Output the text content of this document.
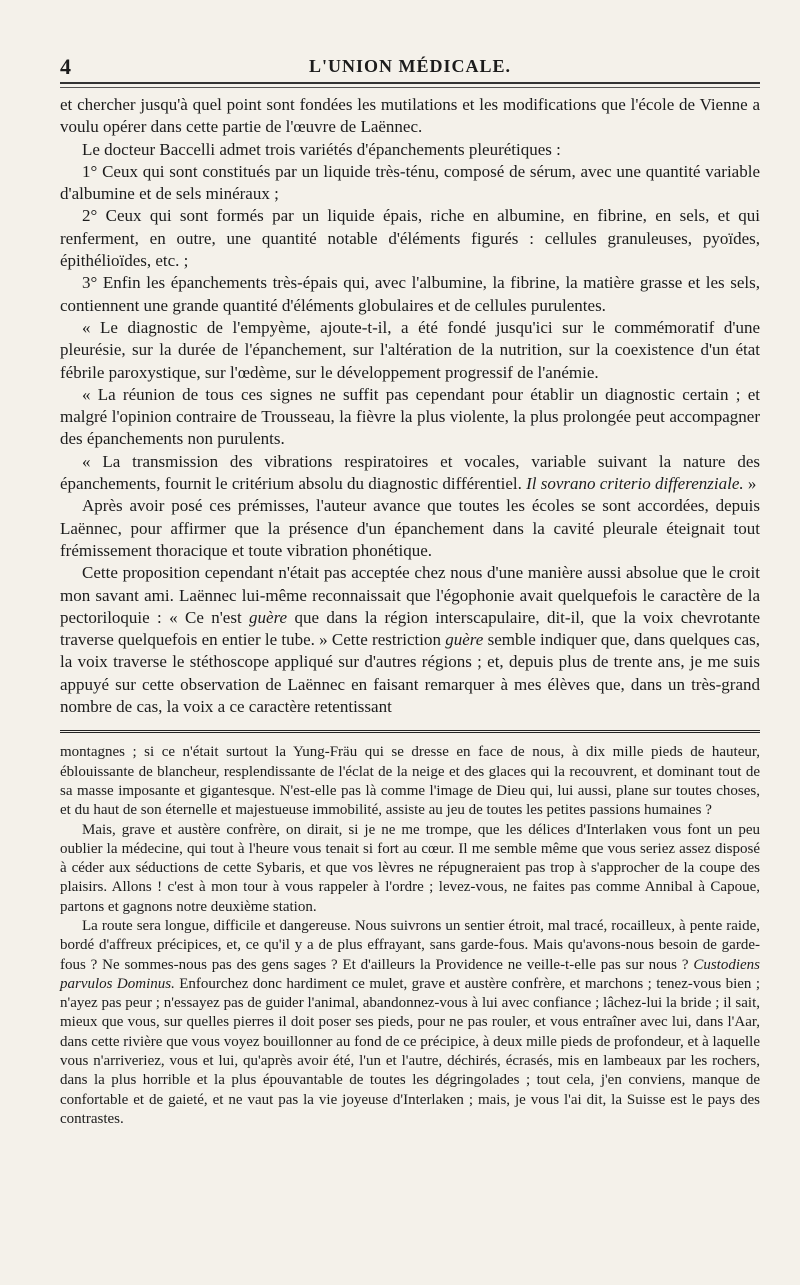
4	L'UNION MÉDICALE.

et chercher jusqu'à quel point sont fondées les mutilations et les modifications que l'école de Vienne a voulu opérer dans cette partie de l'œuvre de Laënnec.

Le docteur Baccelli admet trois variétés d'épanchements pleurétiques :

1° Ceux qui sont constitués par un liquide très-ténu, composé de sérum, avec une quantité variable d'albumine et de sels minéraux ;

2° Ceux qui sont formés par un liquide épais, riche en albumine, en fibrine, en sels, et qui renferment, en outre, une quantité notable d'éléments figurés : cellules granuleuses, pyoïdes, épithélioïdes, etc. ;

3° Enfin les épanchements très-épais qui, avec l'albumine, la fibrine, la matière grasse et les sels, contiennent une grande quantité d'éléments globulaires et de cellules purulentes.

« Le diagnostic de l'empyème, ajoute-t-il, a été fondé jusqu'ici sur le commémoratif d'une pleurésie, sur la durée de l'épanchement, sur l'altération de la nutrition, sur la coexistence d'un état fébrile paroxystique, sur l'œdème, sur le développement progressif de l'anémie.

« La réunion de tous ces signes ne suffit pas cependant pour établir un diagnostic certain ; et malgré l'opinion contraire de Trousseau, la fièvre la plus violente, la plus prolongée peut accompagner des épanchements non purulents.

« La transmission des vibrations respiratoires et vocales, variable suivant la nature des épanchements, fournit le critérium absolu du diagnostic différentiel. Il sovrano criterio differenziale. »

Après avoir posé ces prémisses, l'auteur avance que toutes les écoles se sont accordées, depuis Laënnec, pour affirmer que la présence d'un épanchement dans la cavité pleurale éteignait tout frémissement thoracique et toute vibration phonétique.

Cette proposition cependant n'était pas acceptée chez nous d'une manière aussi absolue que le croit mon savant ami. Laënnec lui-même reconnaissait que l'égophonie avait quelquefois le caractère de la pectoriloquie : « Ce n'est guère que dans la région interscapulaire, dit-il, que la voix chevrotante traverse quelquefois en entier le tube. » Cette restriction guère semble indiquer que, dans quelques cas, la voix traverse le stéthoscope appliqué sur d'autres régions ; et, depuis plus de trente ans, je me suis appuyé sur cette observation de Laënnec en faisant remarquer à mes élèves que, dans un très-grand nombre de cas, la voix a ce caractère retentissant

montagnes ; si ce n'était surtout la Yung-Fräu qui se dresse en face de nous, à dix mille pieds de hauteur, éblouissante de blancheur, resplendissante de l'éclat de la neige et des glaces qui la recouvrent, et dominant tout de sa masse imposante et gigantesque. N'est-elle pas là comme l'image de Dieu qui, lui aussi, plane sur toutes choses, et du haut de son éternelle et majestueuse immobilité, assiste au jeu de toutes les petites passions humaines ?

Mais, grave et austère confrère, on dirait, si je ne me trompe, que les délices d'Interlaken vous font un peu oublier la médecine, qui tout à l'heure vous tenait si fort au cœur. Il me semble même que vous seriez assez disposé à céder aux séductions de cette Sybaris, et que vos lèvres ne répugneraient pas trop à s'approcher de la coupe des plaisirs. Allons ! c'est à mon tour à vous rappeler à l'ordre ; levez-vous, ne faites pas comme Annibal à Capoue, partons et gagnons notre deuxième station.

La route sera longue, difficile et dangereuse. Nous suivrons un sentier étroit, mal tracé, rocailleux, à pente raide, bordé d'affreux précipices, et, ce qu'il y a de plus effrayant, sans garde-fous. Mais qu'avons-nous besoin de garde-fous ? Ne sommes-nous pas des gens sages ? Et d'ailleurs la Providence ne veille-t-elle pas sur nous ? Custodiens parvulos Dominus. Enfourchez donc hardiment ce mulet, grave et austère confrère, et marchons ; tenez-vous bien ; n'ayez pas peur ; n'essayez pas de guider l'animal, abandonnez-vous à lui avec confiance ; lâchez-lui la bride ; il sait, mieux que vous, sur quelles pierres il doit poser ses pieds, pour ne pas rouler, et vous entraîner avec lui, dans l'Aar, dans cette rivière que vous voyez bouillonner au fond de ce précipice, à deux mille pieds de profondeur, et à laquelle vous n'arriveriez, vous et lui, qu'après avoir été, l'un et l'autre, déchirés, écrasés, mis en lambeaux par les rochers, dans la plus horrible et la plus épouvantable de toutes les dégringolades ; tout cela, j'en conviens, manque de confortable et de gaieté, et ne vaut pas la vie joyeuse d'Interlaken ; mais, je vous l'ai dit, la Suisse est le pays des contrastes.
